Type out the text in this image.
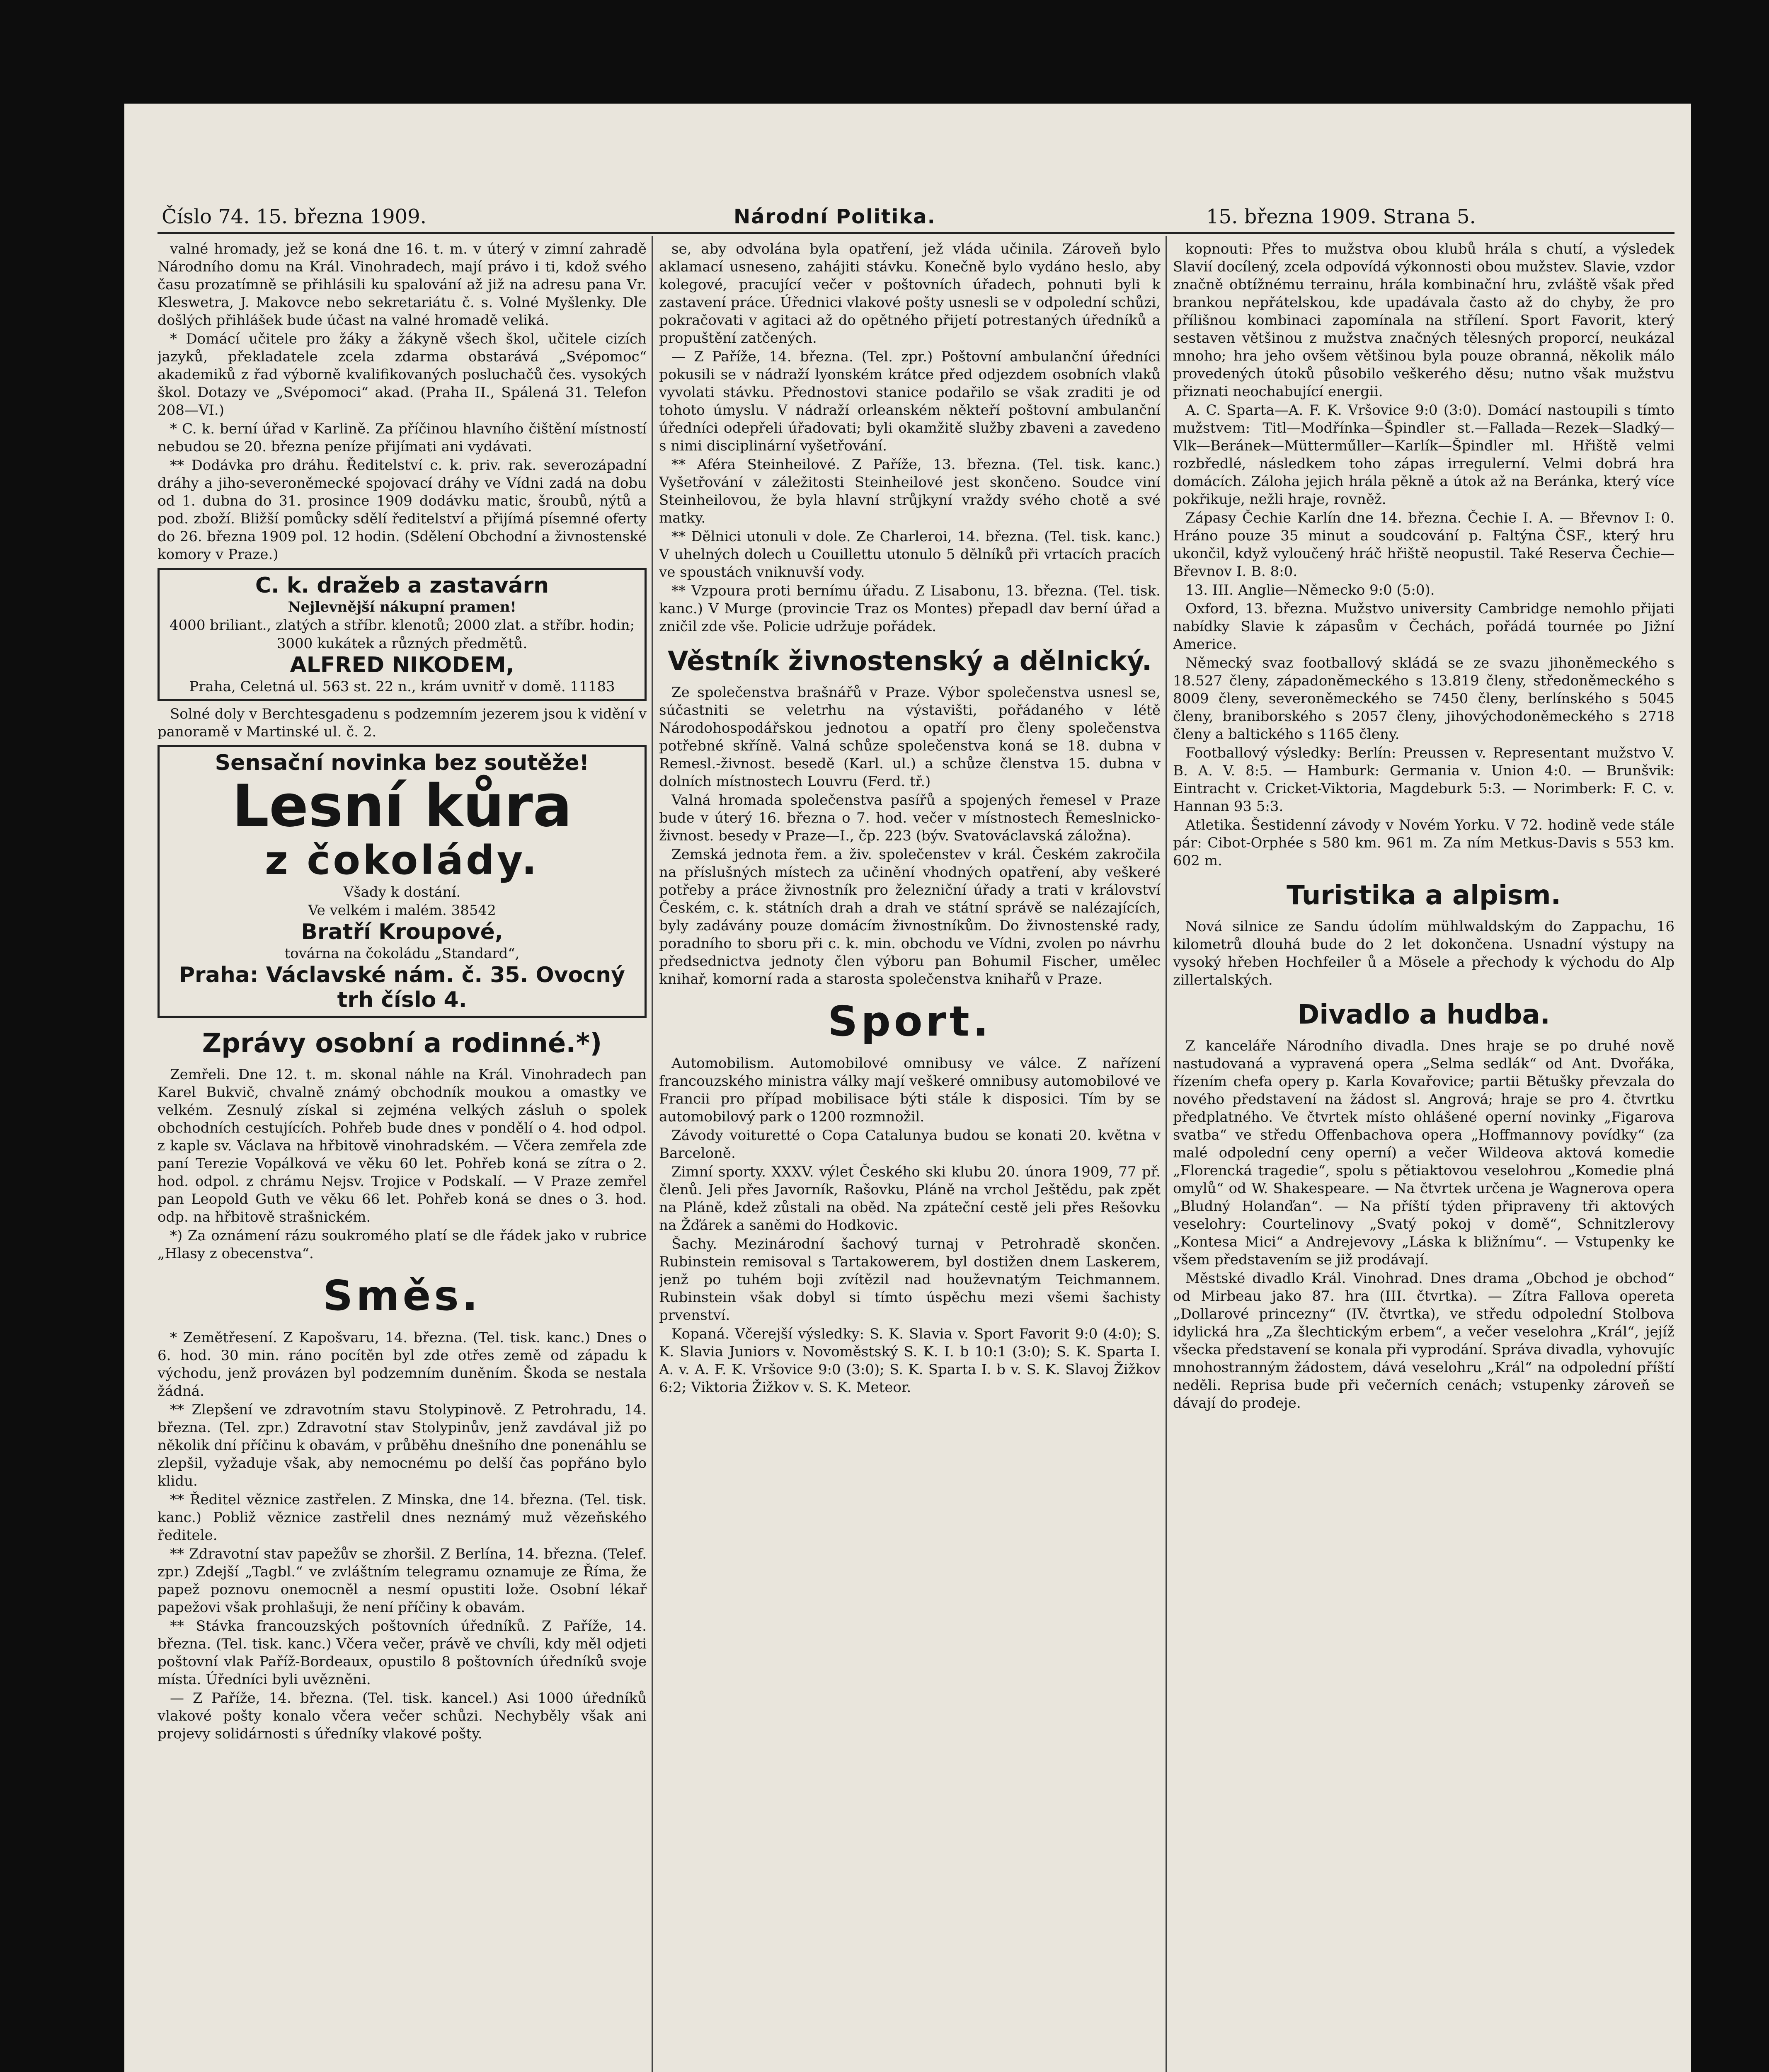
Číslo 74. 15. března 1909.	Národní Politika.	15. března 1909. Strana 5.

valné hromady, jež se koná dne 16. t. m. v úterý v zimní zahradě Národního domu na Král. Vinohradech, mají právo i ti, kdož svého času prozatímně se přihlásili ku spalování až již na adresu pana Vr. Kleswetra, J. Makovce nebo sekretariátu č. s. Volné Myšlenky. Dle došlých přihlášek bude účast na valné hromadě veliká.

* Domácí učitele pro žáky a žákyně všech škol, učitele cizích jazyků, překladatele zcela zdarma obstarává „Svépomoc“ akademiků z řad výborně kvalifikovaných posluchačů čes. vysokých škol. Dotazy ve „Svépomoci“ akad. (Praha II., Spálená 31. Telefon 208—VI.)

* C. k. berní úřad v Karlině. Za příčinou hlavního čištění místností nebudou se 20. března peníze přijímati ani vydávati.

** Dodávka pro dráhu. Ředitelství c. k. priv. rak. severozápadní dráhy a jiho-severoněmecké spojovací dráhy ve Vídni zadá na dobu od 1. dubna do 31. prosince 1909 dodávku matic, šroubů, nýtů a pod. zboží. Bližší pomůcky sdělí ředitelství a přijímá písemné oferty do 26. března 1909 pol. 12 hodin. (Sdělení Obchodní a živnostenské komory v Praze.)

C. k. dražeb a zastavárn
Nejlevnější nákupní pramen!
4000 briliant., zlatých a stříbr. klenotů; 2000 zlat. a stříbr. hodin; 3000 kukátek a různých předmětů.
ALFRED NIKODEM,
Praha, Celetná ul. 563 st. 22 n., krám uvnitř v domě. 11183

Solné doly v Berchtesgadenu s podzemním jezerem jsou k vidění v panoramě v Martinské ul. č. 2.

Sensační novinka bez soutěže!
Lesní kůra
z čokolády.
Všady k dostání.
Ve velkém i malém. 38542
Bratří Kroupové,
továrna na čokoládu „Standard“,
Praha: Václavské nám. č. 35. Ovocný trh číslo 4.
Zprávy osobní a rodinné.*)

Zemřeli. Dne 12. t. m. skonal náhle na Král. Vinohradech pan Karel Bukvič, chvalně známý obchodník moukou a omastky ve velkém. Zesnulý získal si zejména velkých zásluh o spolek obchodních cestujících. Pohřeb bude dnes v pondělí o 4. hod odpol. z kaple sv. Václava na hřbitově vinohradském. — Včera zemřela zde paní Terezie Vopálková ve věku 60 let. Pohřeb koná se zítra o 2. hod. odpol. z chrámu Nejsv. Trojice v Podskalí. — V Praze zemřel pan Leopold Guth ve věku 66 let. Pohřeb koná se dnes o 3. hod. odp. na hřbitově strašnickém.

*) Za oznámení rázu soukromého platí se dle řádek jako v rubrice „Hlasy z obecenstva“.

Směs.

* Zemětřesení. Z Kapošvaru, 14. března. (Tel. tisk. kanc.) Dnes o 6. hod. 30 min. ráno pocítěn byl zde otřes země od západu k východu, jenž provázen byl podzemním duněním. Škoda se nestala žádná.

** Zlepšení ve zdravotním stavu Stolypinově. Z Petrohradu, 14. března. (Tel. zpr.) Zdravotní stav Stolypinův, jenž zavdával již po několik dní příčinu k obavám, v průběhu dnešního dne ponenáhlu se zlepšil, vyžaduje však, aby nemocnému po delší čas popřáno bylo klidu.

** Ředitel věznice zastřelen. Z Minska, dne 14. března. (Tel. tisk. kanc.) Pobliž věznice zastřelil dnes neznámý muž vězeňského ředitele.

** Zdravotní stav papežův se zhoršil. Z Berlína, 14. března. (Telef. zpr.) Zdejší „Tagbl.“ ve zvláštním telegramu oznamuje ze Říma, že papež poznovu onemocněl a nesmí opustiti lože. Osobní lékař papežovi však prohlašuji, že není příčiny k obavám.

** Stávka francouzských poštovních úředníků. Z Paříže, 14. března. (Tel. tisk. kanc.) Včera večer, právě ve chvíli, kdy měl odjeti poštovní vlak Paříž-Bordeaux, opustilo 8 poštovních úředníků svoje místa. Úředníci byli uvězněni.

— Z Paříže, 14. března. (Tel. tisk. kancel.) Asi 1000 úředníků vlakové pošty konalo včera večer schůzi. Nechyběly však ani projevy solidárnosti s úředníky vlakové pošty.

se, aby odvolána byla opatření, jež vláda učinila. Zároveň bylo aklamací usneseno, zahájiti stávku. Konečně bylo vydáno heslo, aby kolegové, pracující večer v poštovních úřadech, pohnuti byli k zastavení práce. Úřednici vlakové pošty usnesli se v odpolední schůzi, pokračovati v agitaci až do opětného přijetí potrestaných úředníků a propuštění zatčených.

— Z Paříže, 14. března. (Tel. zpr.) Poštovní ambulanční úředníci pokusili se v nádraží lyonském krátce před odjezdem osobních vlaků vyvolati stávku. Přednostovi stanice podařilo se však zraditi je od tohoto úmyslu. V nádraží orleanském někteří poštovní ambulanční úředníci odepřeli úřadovati; byli okamžitě služby zbaveni a zavedeno s nimi disciplinární vyšetřování.

** Aféra Steinheilové. Z Paříže, 13. března. (Tel. tisk. kanc.) Vyšetřování v záležitosti Steinheilové jest skončeno. Soudce viní Steinheilovou, že byla hlavní strůjkyní vraždy svého chotě a své matky.

** Dělnici utonuli v dole. Ze Charleroi, 14. března. (Tel. tisk. kanc.) V uhelných dolech u Couillettu utonulo 5 dělníků při vrtacích pracích ve spoustách vniknuvší vody.

** Vzpoura proti bernímu úřadu. Z Lisabonu, 13. března. (Tel. tisk. kanc.) V Murge (provincie Traz os Montes) přepadl dav berní úřad a zničil zde vše. Policie udržuje pořádek.

Věstník živnostenský a dělnický.

Ze společenstva brašnářů v Praze. Výbor společenstva usnesl se, súčastniti se veletrhu na výstavišti, pořádaného v létě Národohospodářskou jednotou a opatří pro členy společenstva potřebné skříně. Valná schůze společenstva koná se 18. dubna v Remesl.-živnost. besedě (Karl. ul.) a schůze členstva 15. dubna v dolních místnostech Louvru (Ferd. tř.)

Valná hromada společenstva pasířů a spojených řemesel v Praze bude v úterý 16. března o 7. hod. večer v místnostech Řemeslnicko-živnost. besedy v Praze—I., čp. 223 (býv. Svatováclavská záložna).

Zemská jednota řem. a živ. společenstev v král. Českém zakročila na příslušných místech za učinění vhodných opatření, aby veškeré potřeby a práce živnostník pro železniční úřady a trati v království Českém, c. k. státních drah a drah ve státní správě se nalézajících, byly zadávány pouze domácím živnostníkům. Do živnostenské rady, poradního to sboru při c. k. min. obchodu ve Vídni, zvolen po návrhu předsednictva jednoty člen výboru pan Bohumil Fischer, umělec knihař, komorní rada a starosta společenstva knihařů v Praze.

Sport.

Automobilism. Automobilové omnibusy ve válce. Z nařízení francouzského ministra války mají veškeré omnibusy automobilové ve Francii pro případ mobilisace býti stále k disposici. Tím by se automobilový park o 1200 rozmnožil.

Závody voituretté o Copa Catalunya budou se konati 20. května v Barceloně.

Zimní sporty. XXXV. výlet Českého ski klubu 20. února 1909, 77 př. členů. Jeli přes Javorník, Rašovku, Pláně na vrchol Ještědu, pak zpět na Pláně, kdež zůstali na oběd. Na zpáteční cestě jeli přes Rešovku na Žďárek a saněmi do Hodkovic.

Šachy. Mezinárodní šachový turnaj v Petrohradě skončen. Rubinstein remisoval s Tartakowerem, byl dostižen dnem Laskerem, jenž po tuhém boji zvítězil nad houževnatým Teichmannem. Rubinstein však dobyl si tímto úspěchu mezi všemi šachisty prvenství.

Kopaná. Včerejší výsledky: S. K. Slavia v. Sport Favorit 9:0 (4:0); S. K. Slavia Juniors v. Novoměstský S. K. I. b 10:1 (3:0); S. K. Sparta I. A. v. A. F. K. Vršovice 9:0 (3:0); S. K. Sparta I. b v. S. K. Slavoj Žižkov 6:2; Viktoria Žižkov v. S. K. Meteor.

kopnouti: Přes to mužstva obou klubů hrála s chutí, a výsledek Slavií docílený, zcela odpovídá výkonnosti obou mužstev. Slavie, vzdor značně obtížnému terrainu, hrála kombinační hru, zvláště však před brankou nepřátelskou, kde upadávala často až do chyby, že pro přílišnou kombinaci zapomínala na střílení. Sport Favorit, který sestaven většinou z mužstva značných tělesných proporcí, neukázal mnoho; hra jeho ovšem většinou byla pouze obranná, několik málo provedených útoků působilo veškerého děsu; nutno však mužstvu přiznati neochabující energii.

A. C. Sparta—A. F. K. Vršovice 9:0 (3:0). Domácí nastoupili s tímto mužstvem: Titl—Modřínka—Špindler st.—Fallada—Rezek—Sladký—Vlk—Beránek—Mütterműller—Karlík—Špindler ml. Hřiště velmi rozbředlé, následkem toho zápas irregulerní. Velmi dobrá hra domácích. Záloha jejich hrála pěkně a útok až na Beránka, který více pokřikuje, nežli hraje, rovněž.

Zápasy Čechie Karlín dne 14. března. Čechie I. A. — Břevnov I: 0. Hráno pouze 35 minut a soudcování p. Faltýna ČSF., který hru ukončil, když vyloučený hráč hřiště neopustil. Také Reserva Čechie—Břevnov I. B. 8:0.

13. III. Anglie—Německo 9:0 (5:0).

Oxford, 13. března. Mužstvo university Cambridge nemohlo přijati nabídky Slavie k zápasům v Čechách, pořádá tournée po Jižní Americe.

Německý svaz footballový skládá se ze svazu jihoněmeckého s 18.527 členy, západoněmeckého s 13.819 členy, středoněmeckého s 8009 členy, severoněmeckého se 7450 členy, berlínského s 5045 členy, braniborského s 2057 členy, jihovýchodoněmeckého s 2718 členy a baltického s 1165 členy.

Footballový výsledky: Berlín: Preussen v. Representant mužstvo V. B. A. V. 8:5. — Hamburk: Germania v. Union 4:0. — Brunšvik: Eintracht v. Cricket-Viktoria, Magdeburk 5:3. — Norimberk: F. C. v. Hannan 93 5:3.

Atletika. Šestidenní závody v Novém Yorku. V 72. hodině vede stále pár: Cibot-Orphée s 580 km. 961 m. Za ním Metkus-Davis s 553 km. 602 m.

Turistika a alpism.

Nová silnice ze Sandu údolím mühlwaldským do Zappachu, 16 kilometrů dlouhá bude do 2 let dokončena. Usnadní výstupy na vysoký hřeben Hochfeiler ů a Mösele a přechody k východu do Alp zillertalských.

Divadlo a hudba.

Z kanceláře Národního divadla. Dnes hraje se po druhé nově nastudovaná a vypravená opera „Selma sedlák“ od Ant. Dvořáka, řízením chefa opery p. Karla Kovařovice; partii Bětušky převzala do nového představení na žádost sl. Angrová; hraje se pro 4. čtvrtku předplatného. Ve čtvrtek místo ohlášené operní novinky „Figarova svatba“ ve středu Offenbachova opera „Hoffmannovy povídky“ (za malé odpolední ceny operní) a večer Wildeova aktová komedie „Florencká tragedie“, spolu s pětiaktovou veselohrou „Komedie plná omylů“ od W. Shakespeare. — Na čtvrtek určena je Wagnerova opera „Bludný Holanďan“. — Na příští týden připraveny tři aktových veselohry: Courtelinovy „Svatý pokoj v domě“, Schnitzlerovy „Kontesa Mici“ a Andrejevovy „Láska k bližnímu“. — Vstupenky ke všem představením se již prodávají.

Městské divadlo Král. Vinohrad. Dnes drama „Obchod je obchod“ od Mirbeau jako 87. hra (III. čtvrtka). — Zítra Fallova opereta „Dollarové princezny“ (IV. čtvrtka), ve středu odpolední Stolbova idylická hra „Za šlechtickým erbem“, a večer veselohra „Král“, jejíž všecka představení se konala při vyprodání. Správa divadla, vyhovujíc mnohostranným žádostem, dává veselohru „Král“ na odpolední příští neděli. Reprisa bude při večerních cenách; vstupenky zároveň se dávají do prodeje.
